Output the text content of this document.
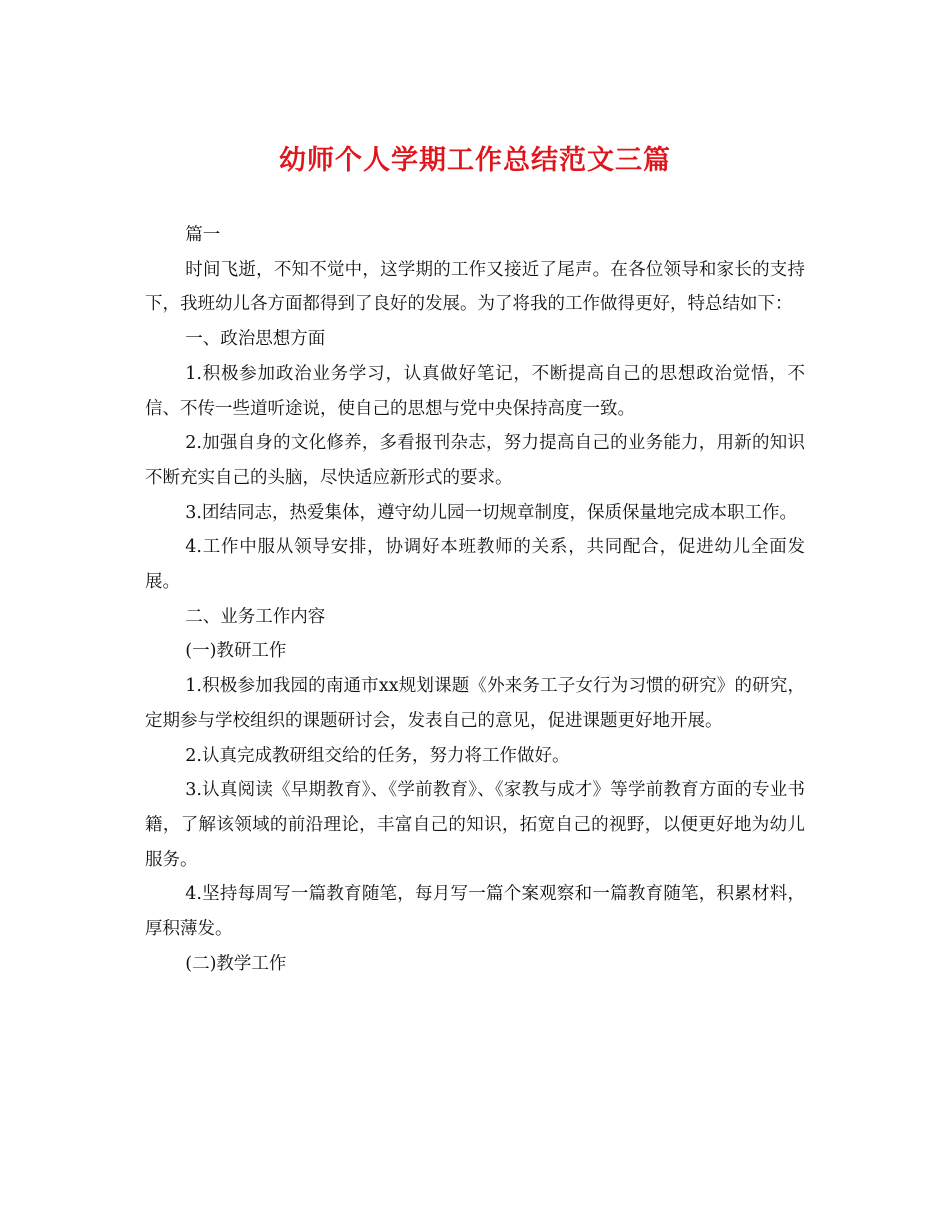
幼师个人学期工作总结范文三篇

篇一

时间飞逝，不知不觉中，这学期的工作又接近了尾声。在各位领导和家长的支持下，我班幼儿各方面都得到了良好的发展。为了将我的工作做得更好，特总结如下：

一、政治思想方面

1.积极参加政治业务学习，认真做好笔记，不断提高自己的思想政治觉悟，不信、不传一些道听途说，使自己的思想与党中央保持高度一致。

2.加强自身的文化修养，多看报刊杂志，努力提高自己的业务能力，用新的知识不断充实自己的头脑，尽快适应新形式的要求。

3.团结同志，热爱集体，遵守幼儿园一切规章制度，保质保量地完成本职工作。

4.工作中服从领导安排，协调好本班教师的关系，共同配合，促进幼儿全面发展。

二、业务工作内容

(一)教研工作

1.积极参加我园的南通市xx规划课题《外来务工子女行为习惯的研究》的研究，定期参与学校组织的课题研讨会，发表自己的意见，促进课题更好地开展。

2.认真完成教研组交给的任务，努力将工作做好。

3.认真阅读《早期教育》、《学前教育》、《家教与成才》等学前教育方面的专业书籍，了解该领域的前沿理论，丰富自己的知识，拓宽自己的视野，以便更好地为幼儿服务。

4.坚持每周写一篇教育随笔，每月写一篇个案观察和一篇教育随笔，积累材料，厚积薄发。

(二)教学工作
